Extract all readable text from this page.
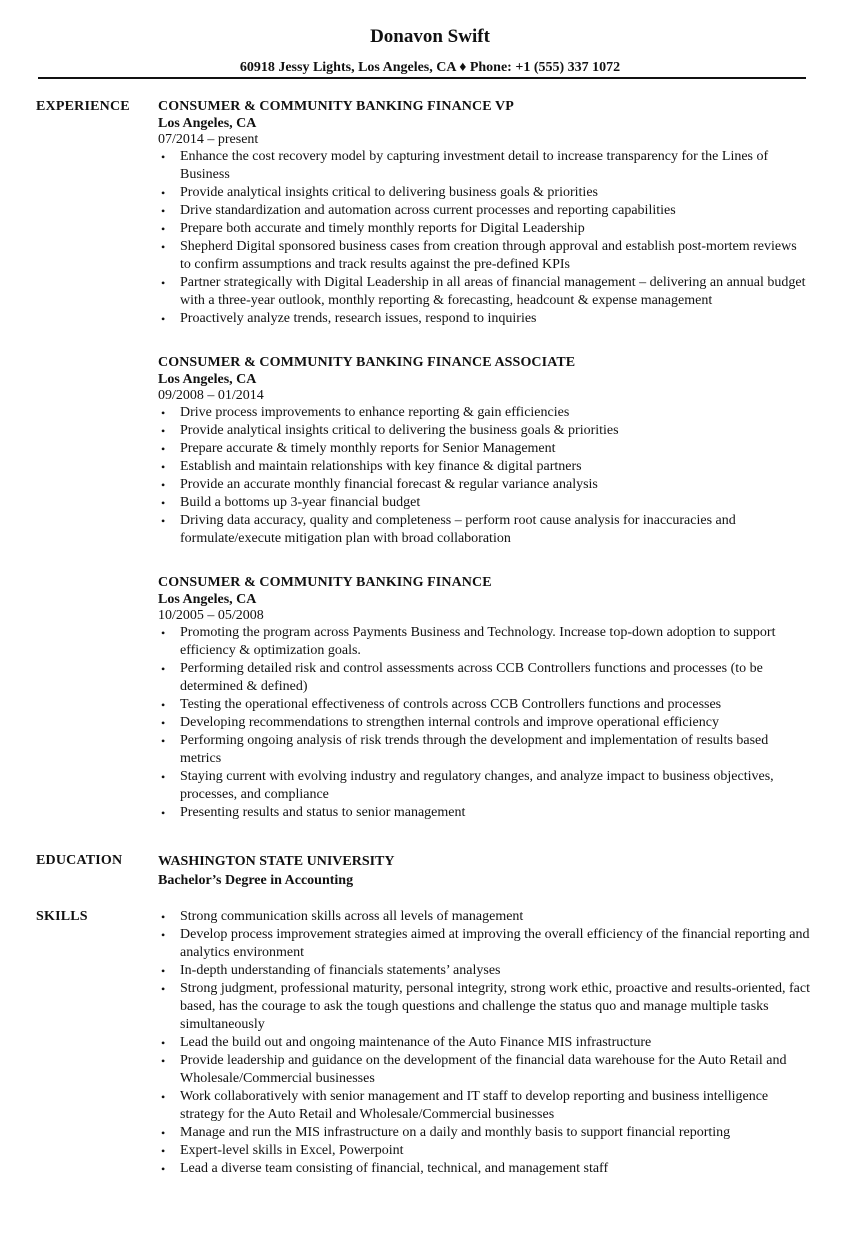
Donavon Swift
60918 Jessy Lights, Los Angeles, CA ♦ Phone: +1 (555) 337 1072
EXPERIENCE CONSUMER & COMMUNITY BANKING FINANCE VP
Los Angeles, CA
07/2014 – present
• Enhance the cost recovery model by capturing investment detail to increase transparency for the Lines of Business
• Provide analytical insights critical to delivering business goals & priorities
• Drive standardization and automation across current processes and reporting capabilities
• Prepare both accurate and timely monthly reports for Digital Leadership
• Shepherd Digital sponsored business cases from creation through approval and establish post-mortem reviews to confirm assumptions and track results against the pre-defined KPIs
• Partner strategically with Digital Leadership in all areas of financial management – delivering an annual budget with a three-year outlook, monthly reporting & forecasting, headcount & expense management
• Proactively analyze trends, research issues, respond to inquiries
CONSUMER & COMMUNITY BANKING FINANCE ASSOCIATE
Los Angeles, CA
09/2008 – 01/2014
• Drive process improvements to enhance reporting & gain efficiencies
• Provide analytical insights critical to delivering the business goals & priorities
• Prepare accurate & timely monthly reports for Senior Management
• Establish and maintain relationships with key finance & digital partners
• Provide an accurate monthly financial forecast & regular variance analysis
• Build a bottoms up 3-year financial budget
• Driving data accuracy, quality and completeness – perform root cause analysis for inaccuracies and formulate/execute mitigation plan with broad collaboration
CONSUMER & COMMUNITY BANKING FINANCE
Los Angeles, CA
10/2005 – 05/2008
• Promoting the program across Payments Business and Technology. Increase top-down adoption to support efficiency & optimization goals.
• Performing detailed risk and control assessments across CCB Controllers functions and processes (to be determined & defined)
• Testing the operational effectiveness of controls across CCB Controllers functions and processes
• Developing recommendations to strengthen internal controls and improve operational efficiency
• Performing ongoing analysis of risk trends through the development and implementation of results based metrics
• Staying current with evolving industry and regulatory changes, and analyze impact to business objectives, processes, and compliance
• Presenting results and status to senior management
EDUCATION	WASHINGTON STATE UNIVERSITY
Bachelor’s Degree in Accounting
SKILLS	• Strong communication skills across all levels of management
• Develop process improvement strategies aimed at improving the overall efficiency of the financial reporting and analytics environment
• In-depth understanding of financials statements’ analyses
• Strong judgment, professional maturity, personal integrity, strong work ethic, proactive and results-oriented, fact based, has the courage to ask the tough questions and challenge the status quo and manage multiple tasks simultaneously
• Lead the build out and ongoing maintenance of the Auto Finance MIS infrastructure
• Provide leadership and guidance on the development of the financial data warehouse for the Auto Retail and Wholesale/Commercial businesses
• Work collaboratively with senior management and IT staff to develop reporting and business intelligence strategy for the Auto Retail and Wholesale/Commercial businesses
• Manage and run the MIS infrastructure on a daily and monthly basis to support financial reporting
• Expert-level skills in Excel, Powerpoint
• Lead a diverse team consisting of financial, technical, and management staff
